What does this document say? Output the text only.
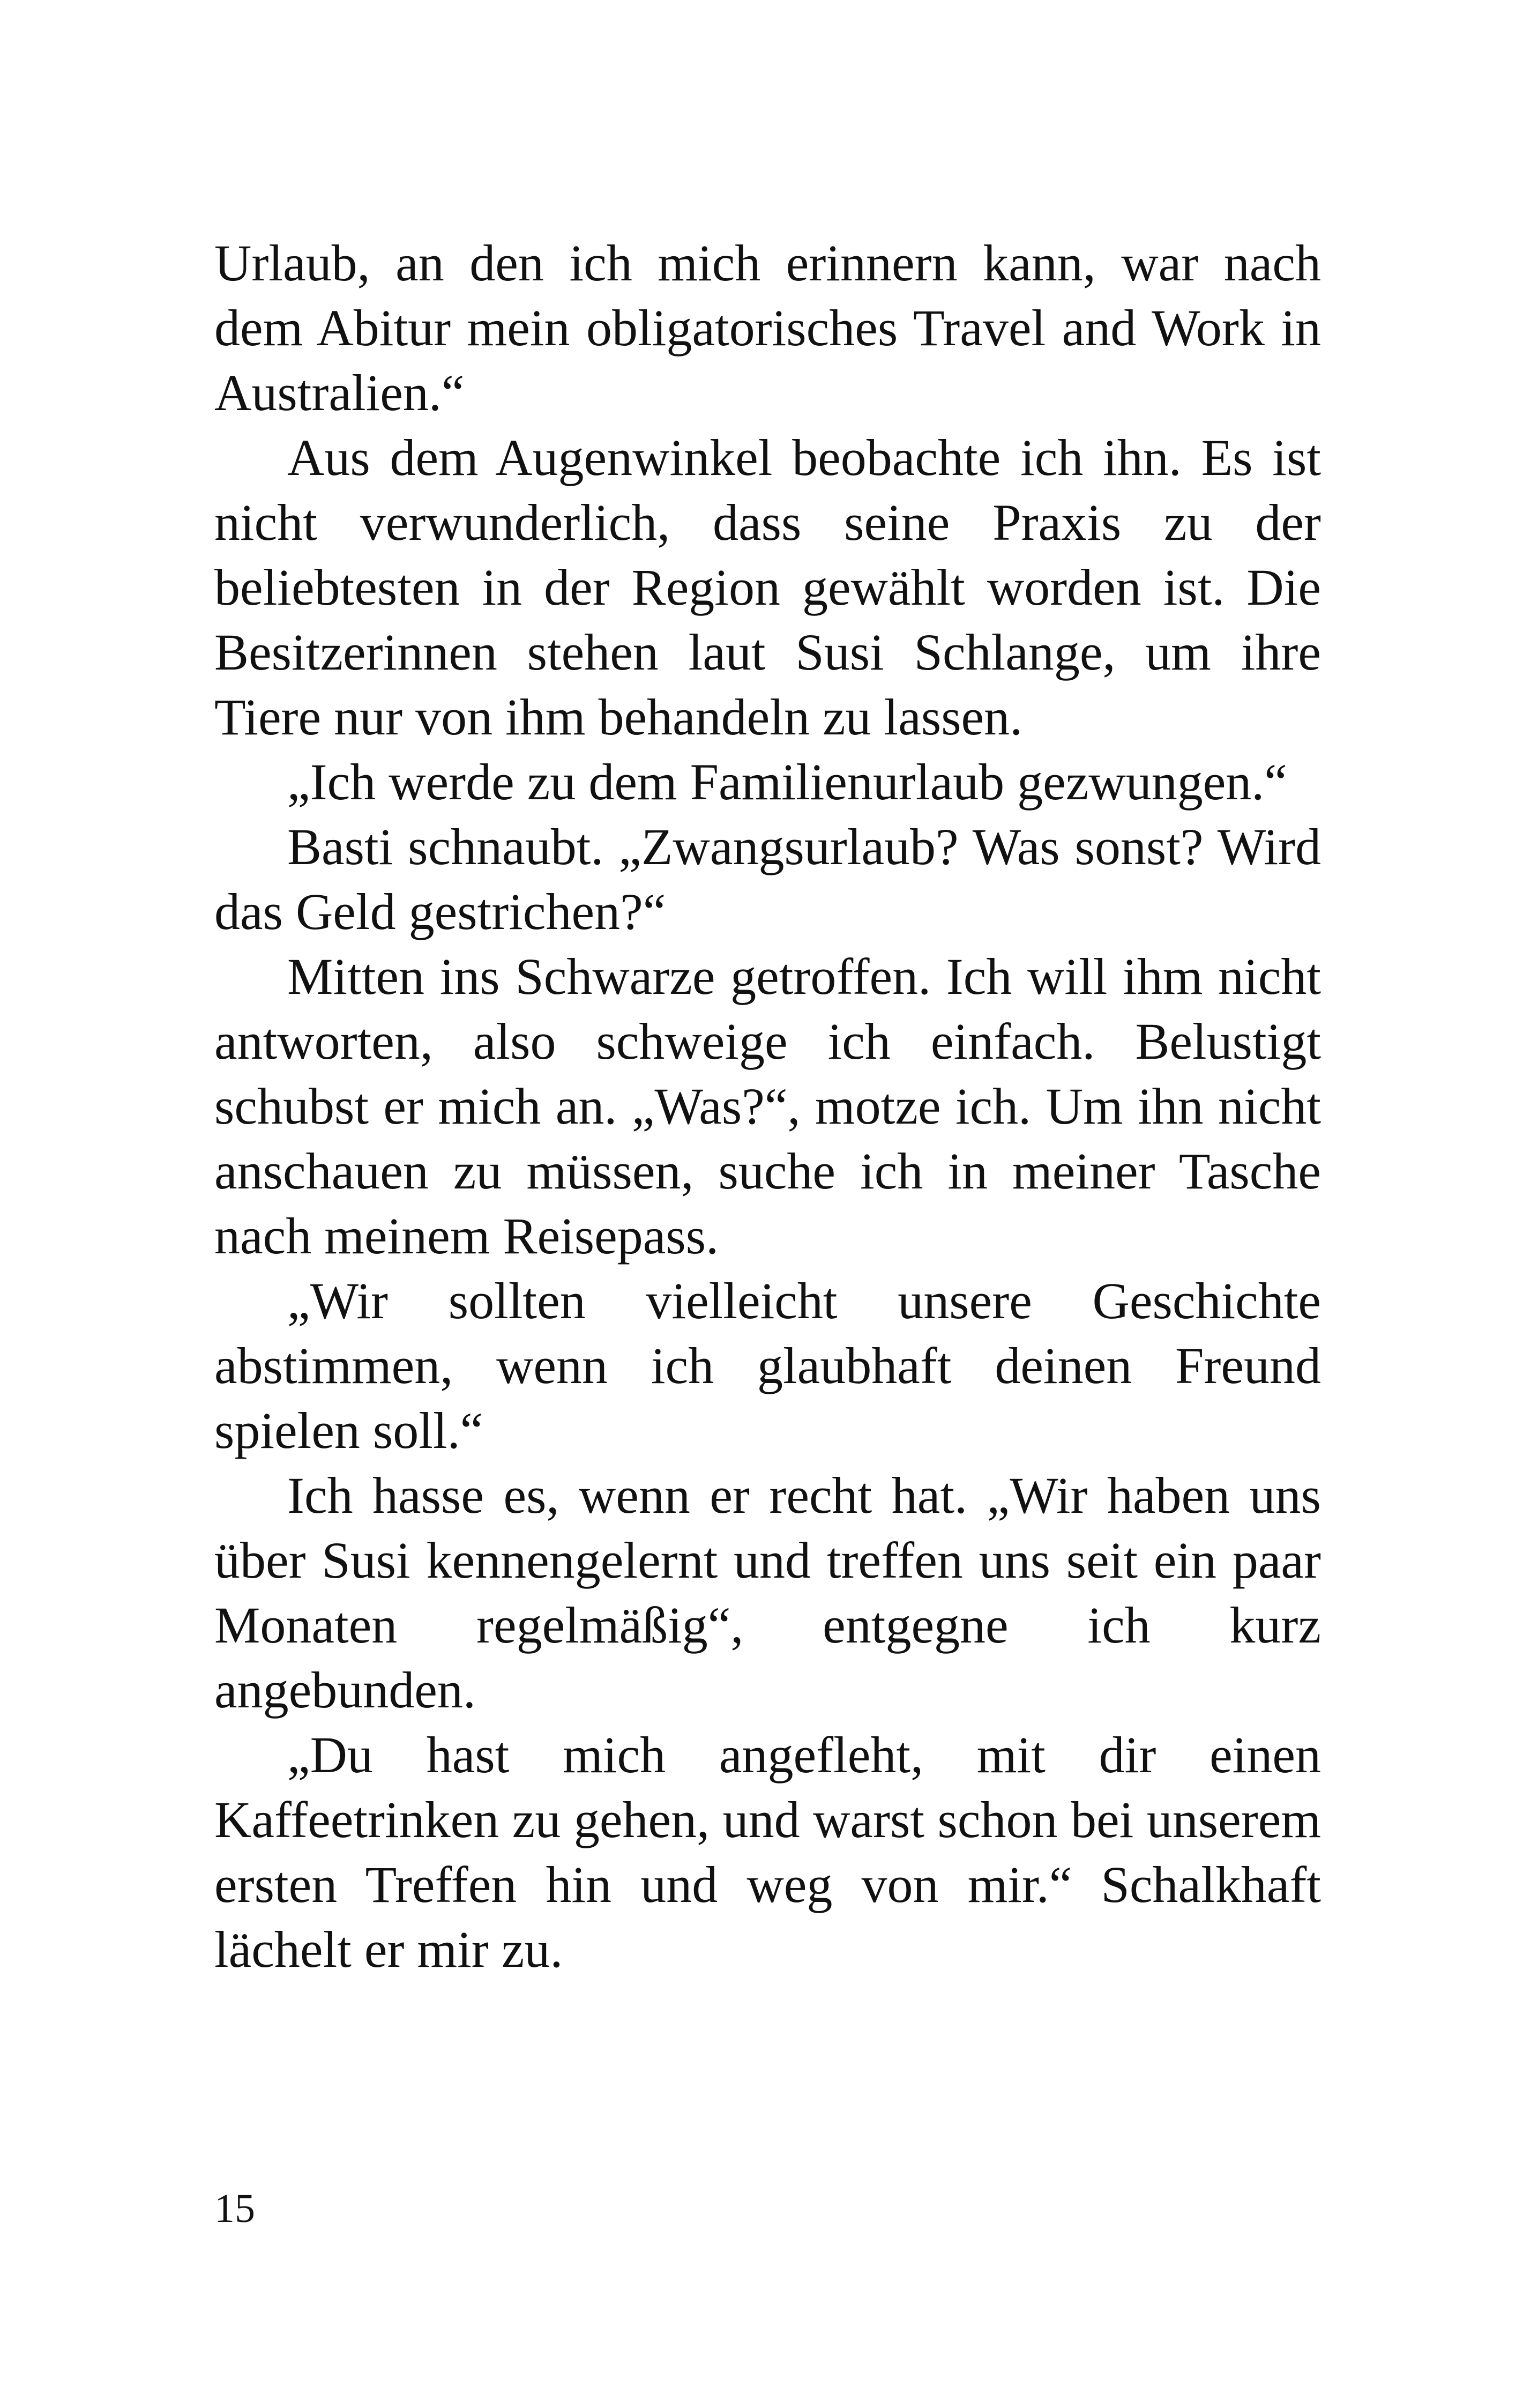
Urlaub, an den ich mich erinnern kann, war nach dem Abitur mein obligatorisches Travel and Work in Australien.“

Aus dem Augenwinkel beobachte ich ihn. Es ist nicht verwunderlich, dass seine Praxis zu der beliebtesten in der Region gewählt worden ist. Die Besitzerinnen stehen laut Susi Schlange, um ihre Tiere nur von ihm behandeln zu lassen.

„Ich werde zu dem Familienurlaub gezwungen.“

Basti schnaubt. „Zwangsurlaub? Was sonst? Wird das Geld gestrichen?“

Mitten ins Schwarze getroffen. Ich will ihm nicht antworten, also schweige ich einfach. Belustigt schubst er mich an. „Was?“, motze ich. Um ihn nicht anschauen zu müssen, suche ich in meiner Tasche nach meinem Reisepass.

„Wir sollten vielleicht unsere Geschichte abstimmen, wenn ich glaubhaft deinen Freund spielen soll.“

Ich hasse es, wenn er recht hat. „Wir haben uns über Susi kennengelernt und treffen uns seit ein paar Monaten regelmäßig“, entgegne ich kurz angebunden.

„Du hast mich angefleht, mit dir einen Kaffeetrinken zu gehen, und warst schon bei unserem ersten Treffen hin und weg von mir.“ Schalkhaft lächelt er mir zu.

15
